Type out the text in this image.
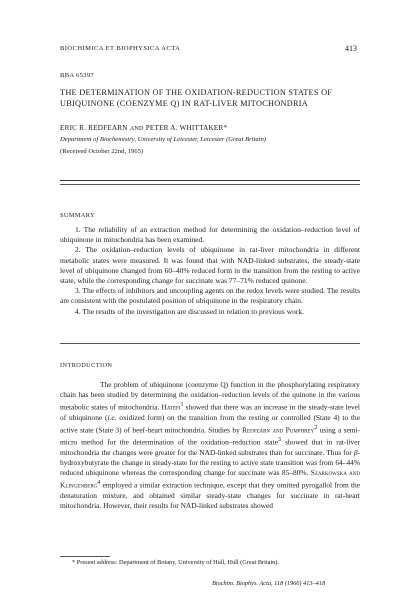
BIOCHIMICA ET BIOPHYSICA ACTA	413
BBA 65397
THE DETERMINATION OF THE OXIDATION-REDUCTION STATES OF
UBIQUINONE (COENZYME Q) IN RAT-LIVER MITOCHONDRIA
ERIC R. REDFEARN AND PETER A. WHITTAKER*
Department of Biochemistry, University of Leicester, Leicester (Great Britain)
(Received October 22nd, 1965)
SUMMARY
1. The reliability of an extraction method for determining the oxidation–reduction level of ubiquinone in mitochondria has been examined.
2. The oxidation–reduction levels of ubiquinone in rat-liver mitochondria in different metabolic states were measured. It was found that with NAD-linked substrates, the steady-state level of ubiquinone changed from 60–40% reduced form in the transition from the resting to active state, while the corresponding change for succinate was 77–71% reduced quinone.
3. The effects of inhibitors and uncoupling agents on the redox levels were studied. The results are consistent with the postulated position of ubiquinone in the respiratory chain.
4. The results of the investigation are discussed in relation to previous work.
INTRODUCTION

The problem of ubiquinone (coenzyme Q) function in the phosphorylating respiratory chain has been studied by determining the oxidation–reduction levels of the quinone in the various metabolic states of mitochondria. Hatefi$^1$ showed that there was an increase in the steady-state level of ubiquinone (i.e. oxidized form) on the transition from the resting or controlled (State 4) to the active state (State 3) of beef-heart mitochondria. Studies by Redfearn and Pumphrey$^2$ using a semi-micro method for the determination of the oxidation–reduction state$^3$ showed that in rat-liver mitochondria the changes were greater for the NAD-linked substrates than for succinate. Thus for β-hydroxybutyrate the change in steady-state for the resting to active state transition was from 64–44% reduced ubiquinone whereas the corresponding change for succinate was 85–80%. Szarkowska and Klingenberg$^4$ employed a similar extraction technique, except that they omitted pyrogallol from the denaturation mixture, and obtained similar steady-state changes for succinate in rat-heart mitochondria. However, their results for NAD-linked substrates showed

* Present address: Department of Botany, University of Hull, Hull (Great Britain).
Biochim. Biophys. Acta, 118 (1966) 413–418
